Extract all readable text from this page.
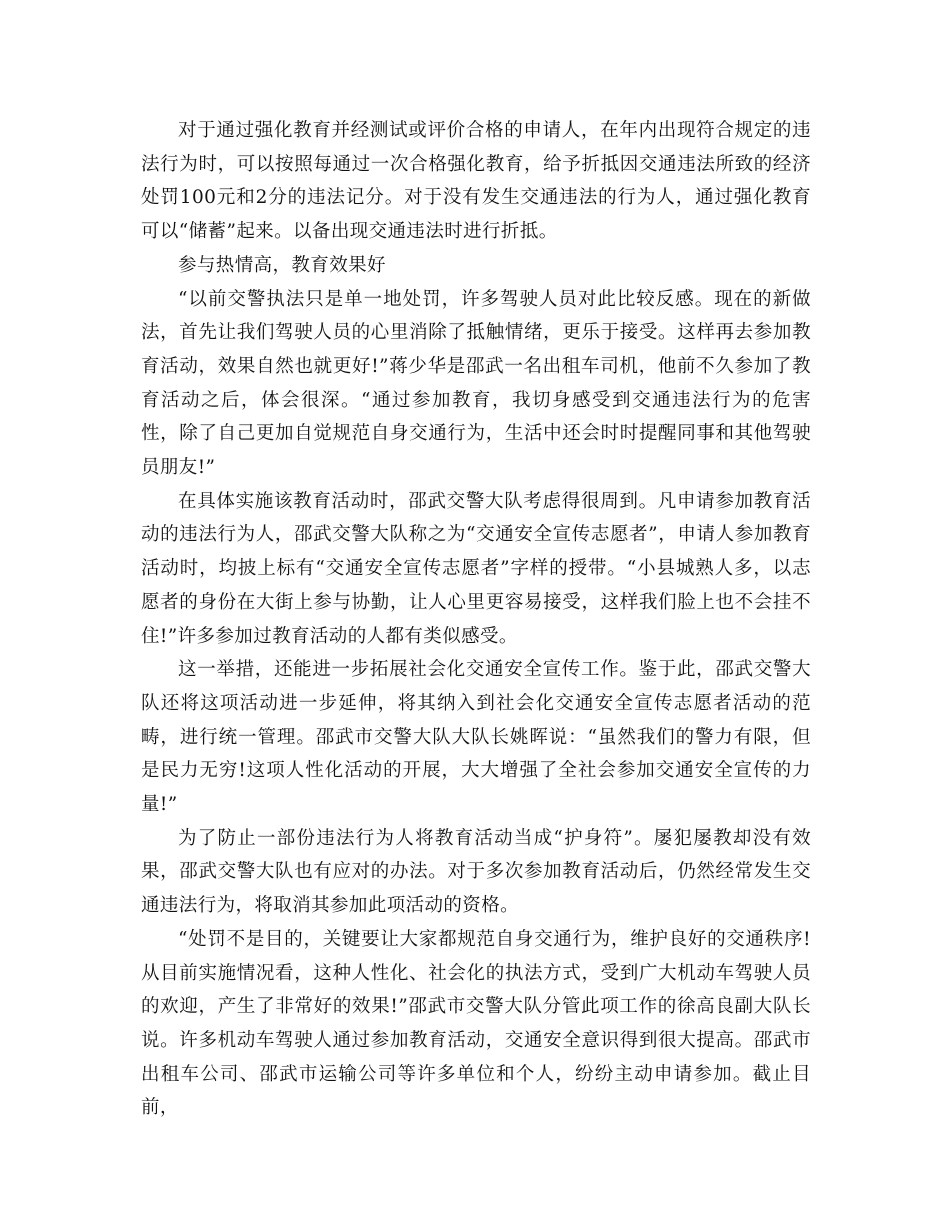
对于通过强化教育并经测试或评价合格的申请人，在年内出现符合规定的违法行为时，可以按照每通过一次合格强化教育，给予折抵因交通违法所致的经济处罚100元和2分的违法记分。对于没有发生交通违法的行为人，通过强化教育可以“储蓄”起来。以备出现交通违法时进行折抵。

参与热情高，教育效果好

“以前交警执法只是单一地处罚，许多驾驶人员对此比较反感。现在的新做法，首先让我们驾驶人员的心里消除了抵触情绪，更乐于接受。这样再去参加教育活动，效果自然也就更好!”蒋少华是邵武一名出租车司机，他前不久参加了教育活动之后，体会很深。“通过参加教育，我切身感受到交通违法行为的危害性，除了自己更加自觉规范自身交通行为，生活中还会时时提醒同事和其他驾驶员朋友!”

在具体实施该教育活动时，邵武交警大队考虑得很周到。凡申请参加教育活动的违法行为人，邵武交警大队称之为“交通安全宣传志愿者”，申请人参加教育活动时，均披上标有“交通安全宣传志愿者”字样的授带。“小县城熟人多，以志愿者的身份在大街上参与协勤，让人心里更容易接受，这样我们脸上也不会挂不住!”许多参加过教育活动的人都有类似感受。

这一举措，还能进一步拓展社会化交通安全宣传工作。鉴于此，邵武交警大队还将这项活动进一步延伸，将其纳入到社会化交通安全宣传志愿者活动的范畴，进行统一管理。邵武市交警大队大队长姚晖说：“虽然我们的警力有限，但是民力无穷!这项人性化活动的开展，大大增强了全社会参加交通安全宣传的力量!”

为了防止一部份违法行为人将教育活动当成“护身符”。屡犯屡教却没有效果，邵武交警大队也有应对的办法。对于多次参加教育活动后，仍然经常发生交通违法行为，将取消其参加此项活动的资格。

“处罚不是目的，关键要让大家都规范自身交通行为，维护良好的交通秩序!从目前实施情况看，这种人性化、社会化的执法方式，受到广大机动车驾驶人员的欢迎，产生了非常好的效果!”邵武市交警大队分管此项工作的徐高良副大队长说。许多机动车驾驶人通过参加教育活动，交通安全意识得到很大提高。邵武市出租车公司、邵武市运输公司等许多单位和个人，纷纷主动申请参加。截止目前，
